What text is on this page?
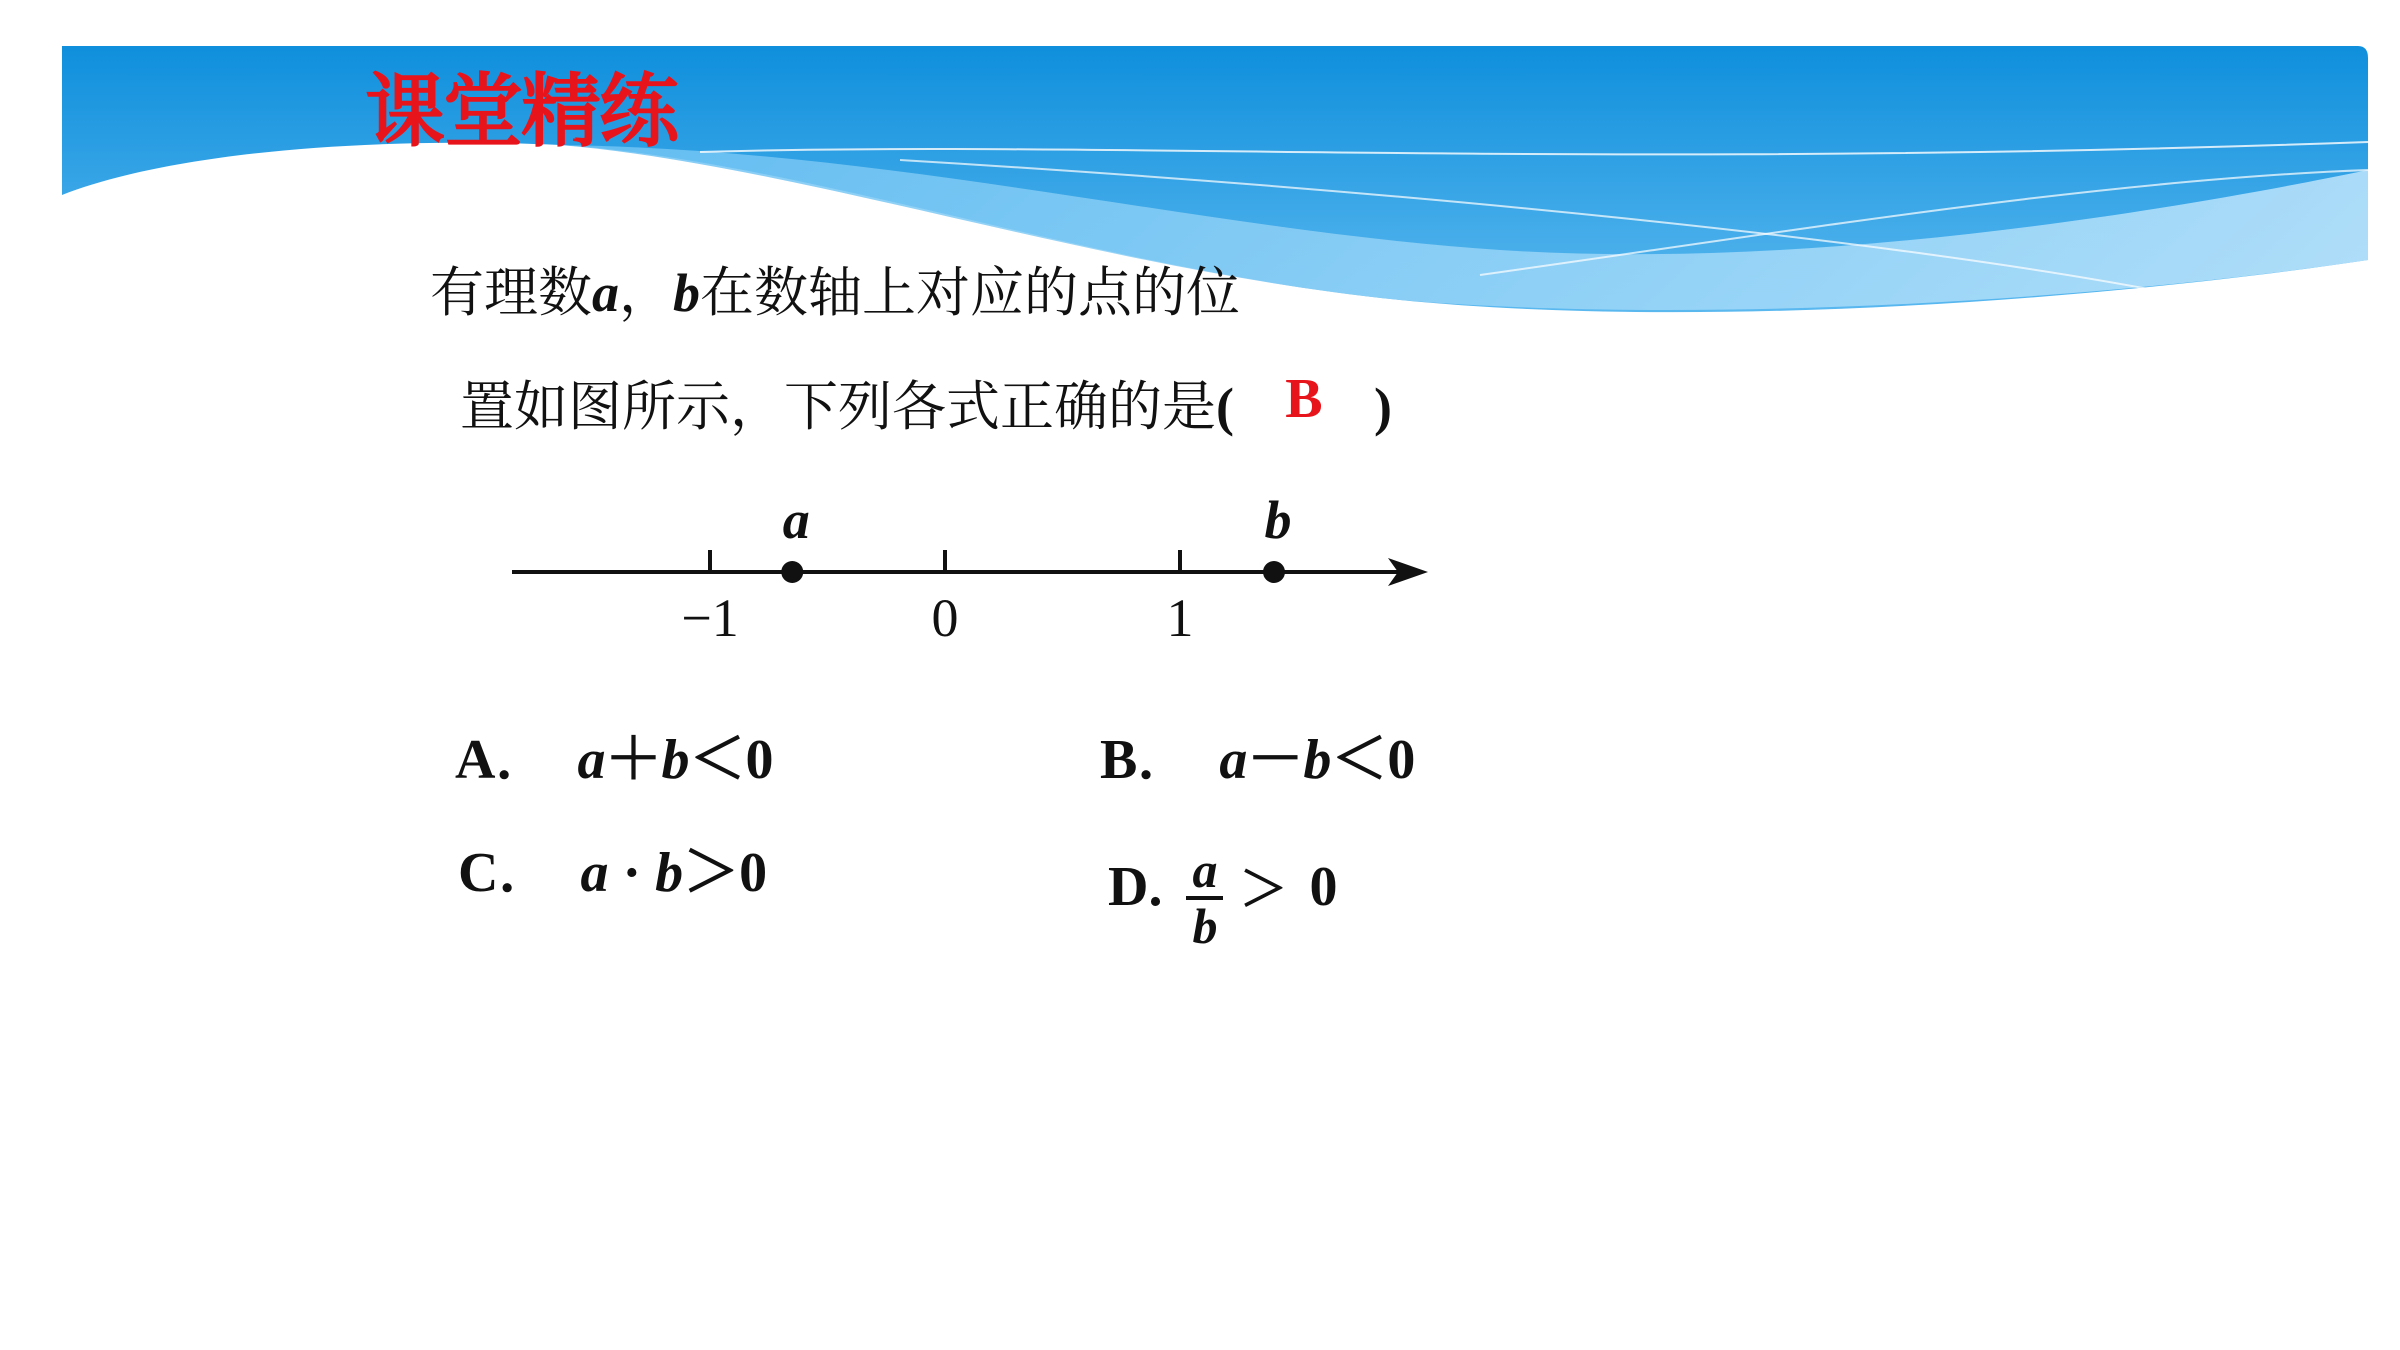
课堂精练
有理数a，b在数轴上对应的点的位
置如图所示，下列各式正确的是( B )
−1	0	1
a	b
A． a＋b＜0	B． a－b＜0
C． a · b＞0	D. $\frac{a}{b} > 0$
